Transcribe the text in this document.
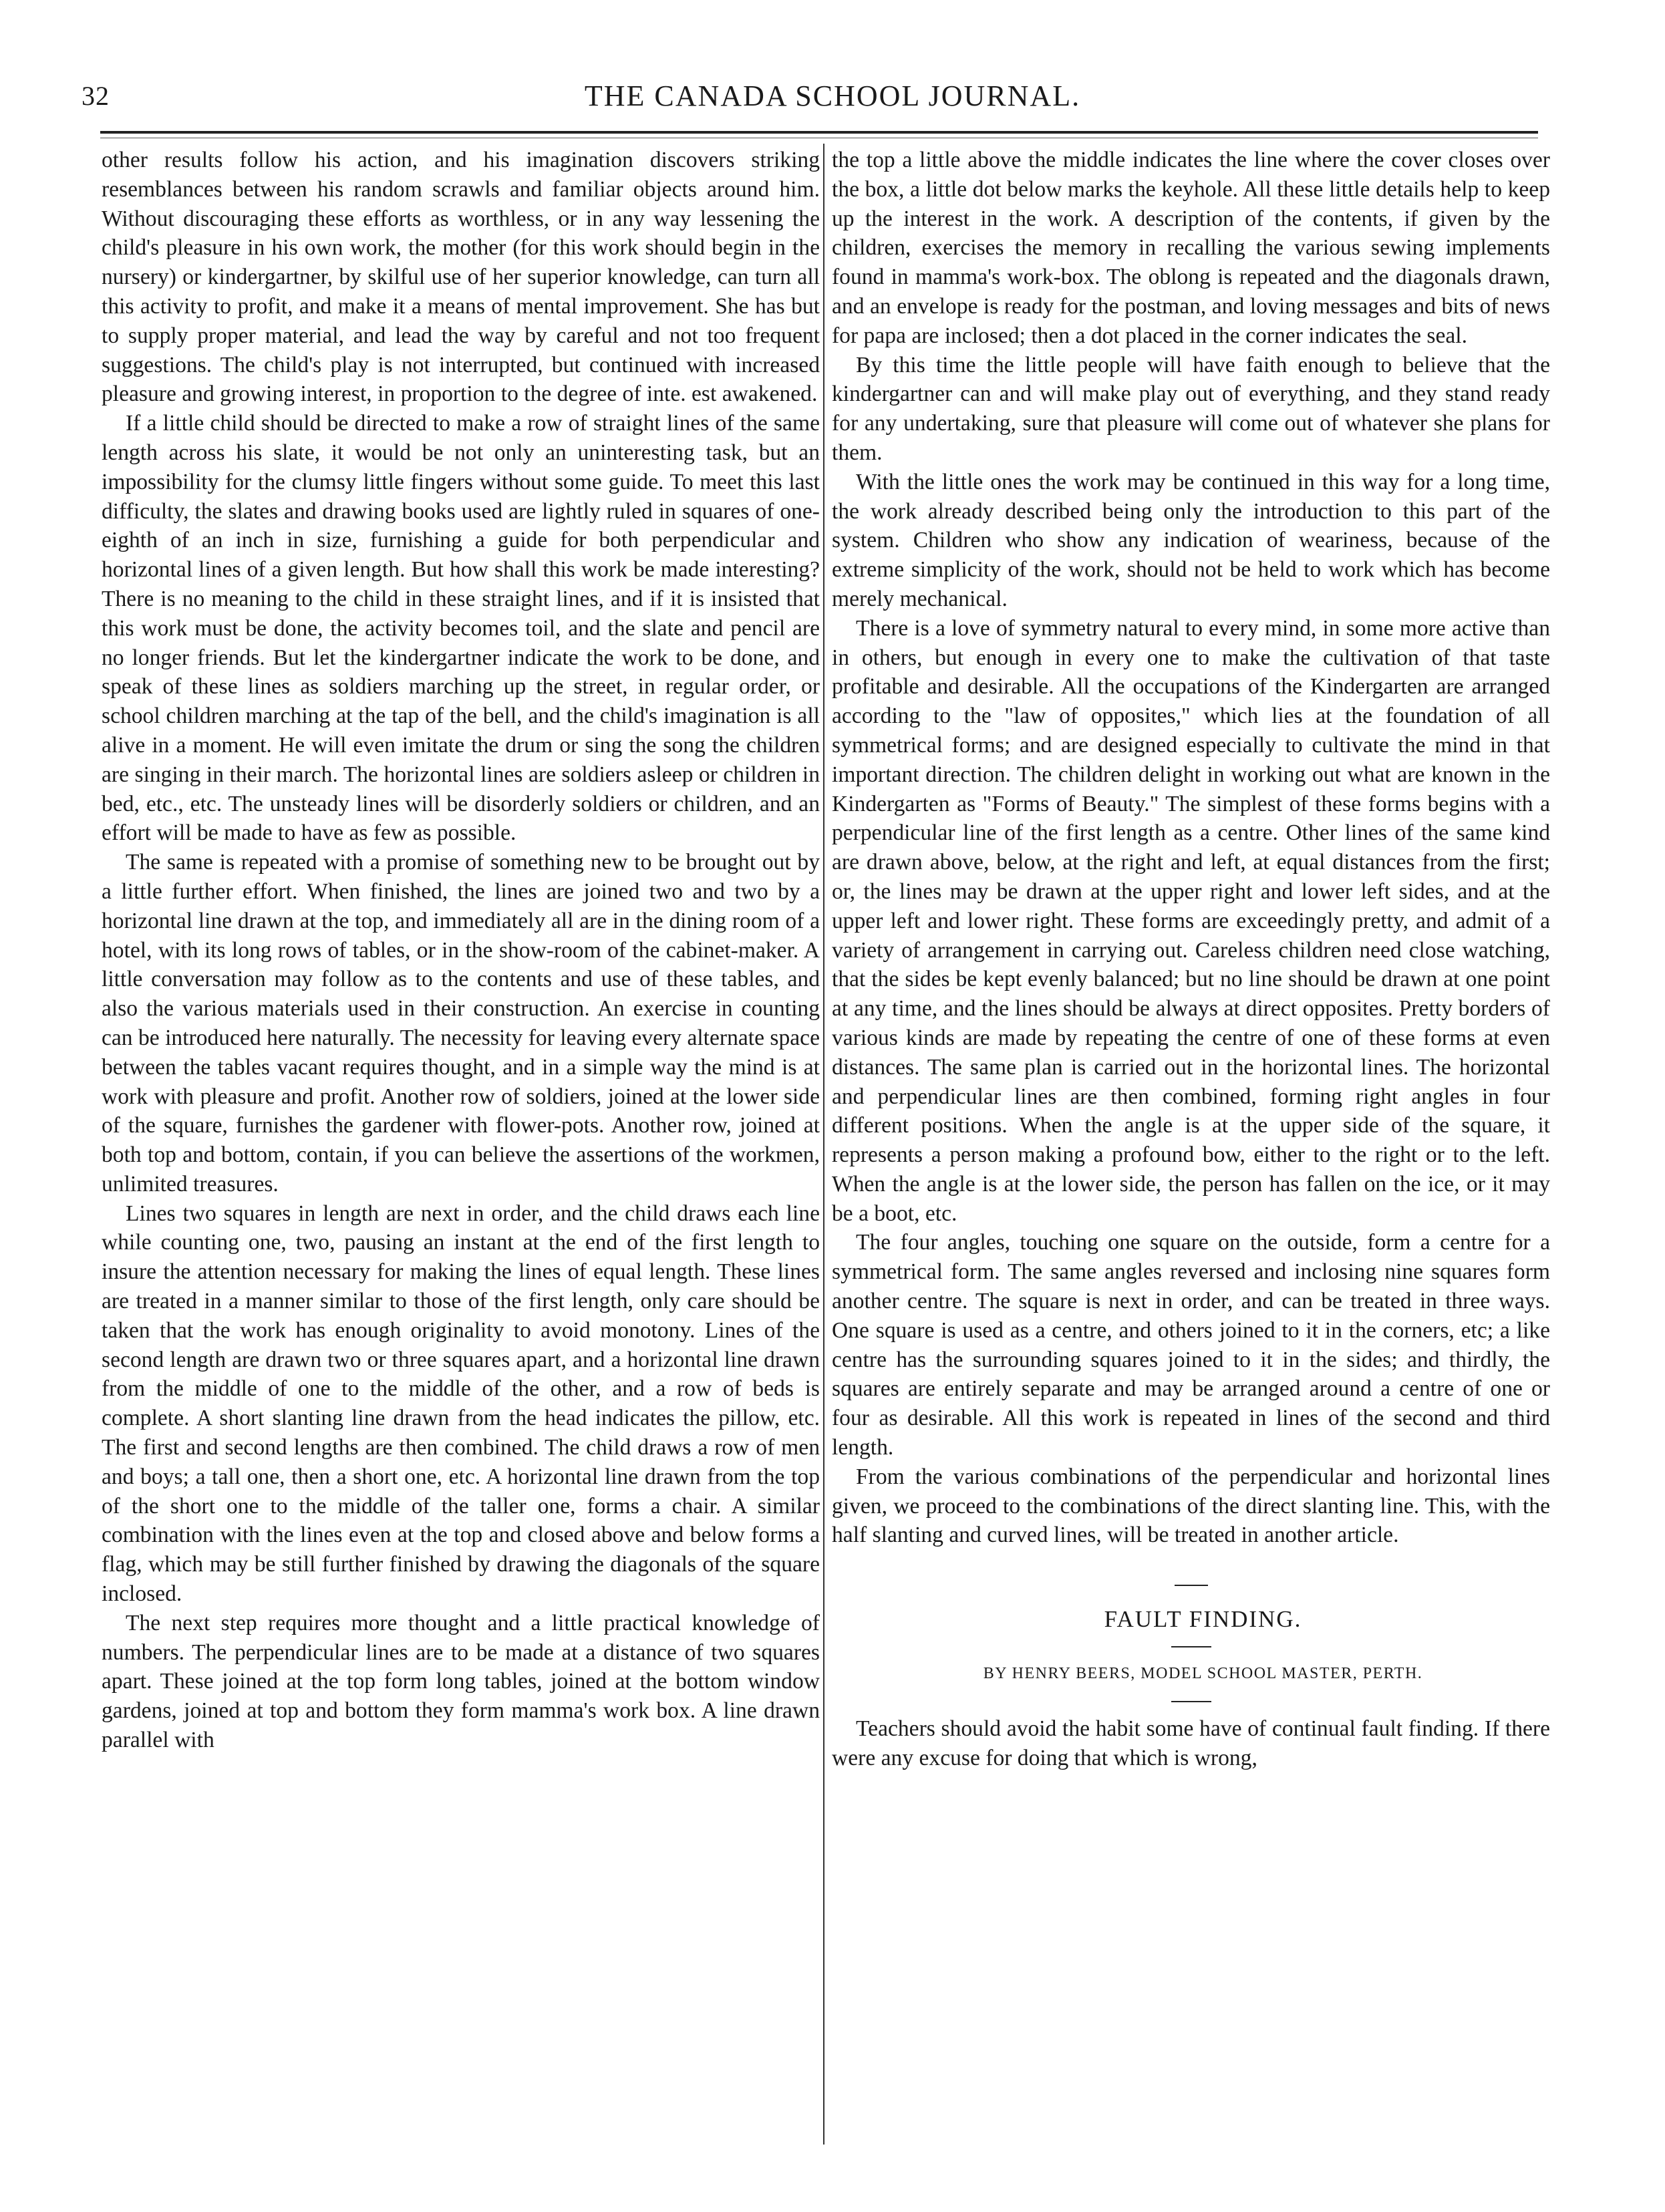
32	THE CANADA SCHOOL JOURNAL.

other results follow his action, and his imagination discovers striking resemblances between his random scrawls and familiar objects around him. Without discouraging these efforts as worthless, or in any way lessening the child's pleasure in his own work, the mother (for this work should begin in the nursery) or kindergartner, by skilful use of her superior knowledge, can turn all this activity to profit, and make it a means of mental improvement. She has but to supply proper material, and lead the way by careful and not too frequent suggestions. The child's play is not interrupted, but continued with increased pleasure and growing interest, in proportion to the degree of inte. est awakened.

If a little child should be directed to make a row of straight lines of the same length across his slate, it would be not only an uninteresting task, but an impossibility for the clumsy little fingers without some guide. To meet this last difficulty, the slates and drawing books used are lightly ruled in squares of one-eighth of an inch in size, furnishing a guide for both perpendicular and horizontal lines of a given length. But how shall this work be made interesting? There is no meaning to the child in these straight lines, and if it is insisted that this work must be done, the activity becomes toil, and the slate and pencil are no longer friends. But let the kindergartner indicate the work to be done, and speak of these lines as soldiers marching up the street, in regular order, or school children marching at the tap of the bell, and the child's imagination is all alive in a moment. He will even imitate the drum or sing the song the children are singing in their march. The horizontal lines are soldiers asleep or children in bed, etc., etc. The unsteady lines will be disorderly soldiers or children, and an effort will be made to have as few as possible.

The same is repeated with a promise of something new to be brought out by a little further effort. When finished, the lines are joined two and two by a horizontal line drawn at the top, and immediately all are in the dining room of a hotel, with its long rows of tables, or in the show-room of the cabinet-maker. A little conversation may follow as to the contents and use of these tables, and also the various materials used in their construction. An exercise in counting can be introduced here naturally. The necessity for leaving every alternate space between the tables vacant requires thought, and in a simple way the mind is at work with pleasure and profit. Another row of soldiers, joined at the lower side of the square, furnishes the gardener with flower-pots. Another row, joined at both top and bottom, contain, if you can believe the assertions of the workmen, unlimited treasures.

Lines two squares in length are next in order, and the child draws each line while counting one, two, pausing an instant at the end of the first length to insure the attention necessary for making the lines of equal length. These lines are treated in a manner similar to those of the first length, only care should be taken that the work has enough originality to avoid monotony. Lines of the second length are drawn two or three squares apart, and a horizontal line drawn from the middle of one to the middle of the other, and a row of beds is complete. A short slanting line drawn from the head indicates the pillow, etc. The first and second lengths are then combined. The child draws a row of men and boys; a tall one, then a short one, etc. A horizontal line drawn from the top of the short one to the middle of the taller one, forms a chair. A similar combination with the lines even at the top and closed above and below forms a flag, which may be still further finished by drawing the diagonals of the square inclosed.

The next step requires more thought and a little practical knowledge of numbers. The perpendicular lines are to be made at a distance of two squares apart. These joined at the top form long tables, joined at the bottom window gardens, joined at top and bottom they form mamma's work box. A line drawn parallel with

the top a little above the middle indicates the line where the cover closes over the box, a little dot below marks the keyhole. All these little details help to keep up the interest in the work. A description of the contents, if given by the children, exercises the memory in recalling the various sewing implements found in mamma's work-box. The oblong is repeated and the diagonals drawn, and an envelope is ready for the postman, and loving messages and bits of news for papa are inclosed; then a dot placed in the corner indicates the seal.

By this time the little people will have faith enough to believe that the kindergartner can and will make play out of everything, and they stand ready for any undertaking, sure that pleasure will come out of whatever she plans for them.

With the little ones the work may be continued in this way for a long time, the work already described being only the introduction to this part of the system. Children who show any indication of weariness, because of the extreme simplicity of the work, should not be held to work which has become merely mechanical.

There is a love of symmetry natural to every mind, in some more active than in others, but enough in every one to make the cultivation of that taste profitable and desirable. All the occupations of the Kindergarten are arranged according to the "law of opposites," which lies at the foundation of all symmetrical forms; and are designed especially to cultivate the mind in that important direction. The children delight in working out what are known in the Kindergarten as "Forms of Beauty." The simplest of these forms begins with a perpendicular line of the first length as a centre. Other lines of the same kind are drawn above, below, at the right and left, at equal distances from the first; or, the lines may be drawn at the upper right and lower left sides, and at the upper left and lower right. These forms are exceedingly pretty, and admit of a variety of arrangement in carrying out. Careless children need close watching, that the sides be kept evenly balanced; but no line should be drawn at one point at any time, and the lines should be always at direct opposites. Pretty borders of various kinds are made by repeating the centre of one of these forms at even distances. The same plan is carried out in the horizontal lines. The horizontal and perpendicular lines are then combined, forming right angles in four different positions. When the angle is at the upper side of the square, it represents a person making a profound bow, either to the right or to the left. When the angle is at the lower side, the person has fallen on the ice, or it may be a boot, etc.

The four angles, touching one square on the outside, form a centre for a symmetrical form. The same angles reversed and inclosing nine squares form another centre. The square is next in order, and can be treated in three ways. One square is used as a centre, and others joined to it in the corners, etc; a like centre has the surrounding squares joined to it in the sides; and thirdly, the squares are entirely separate and may be arranged around a centre of one or four as desirable. All this work is repeated in lines of the second and third length.

From the various combinations of the perpendicular and horizontal lines given, we proceed to the combinations of the direct slanting line. This, with the half slanting and curved lines, will be treated in another article.

FAULT FINDING.

BY HENRY BEERS, MODEL SCHOOL MASTER, PERTH.

Teachers should avoid the habit some have of continual fault finding. If there were any excuse for doing that which is wrong,
